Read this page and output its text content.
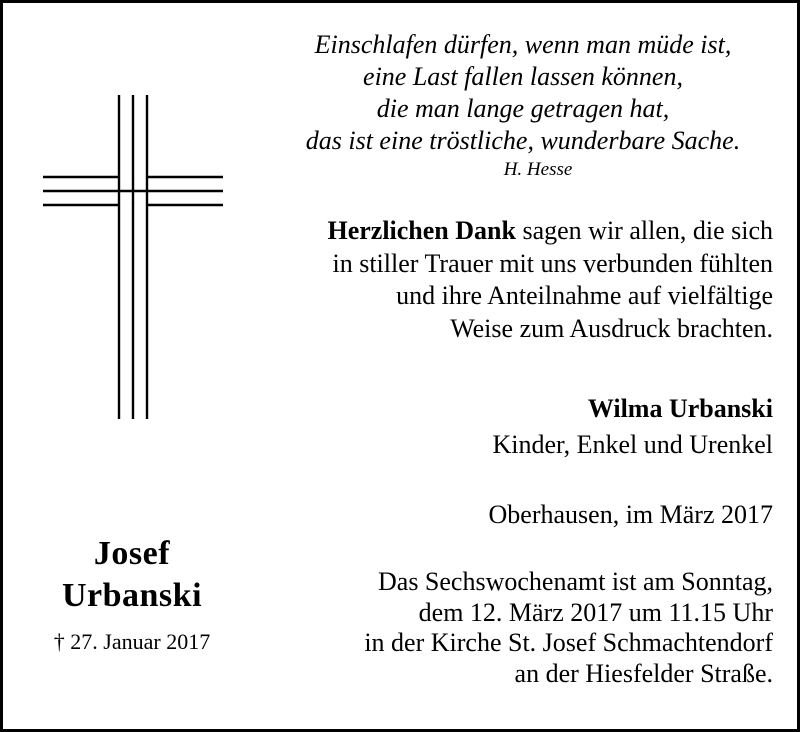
Einschlafen dürfen, wenn man müde ist,
eine Last fallen lassen können,
die man lange getragen hat,
das ist eine tröstliche, wunderbare Sache.
H. Hesse
Herzlichen Dank sagen wir allen, die sich
in stiller Trauer mit uns verbunden fühlten
und ihre Anteilnahme auf vielfältige
Weise zum Ausdruck brachten.
Wilma Urbanski
Kinder, Enkel und Urenkel
Oberhausen, im März 2017
Das Sechswochenamt ist am Sonntag,
dem 12. März 2017 um 11.15 Uhr
in der Kirche St. Josef Schmachtendorf
an der Hiesfelder Straße.
Josef
Urbanski
† 27. Januar 2017
